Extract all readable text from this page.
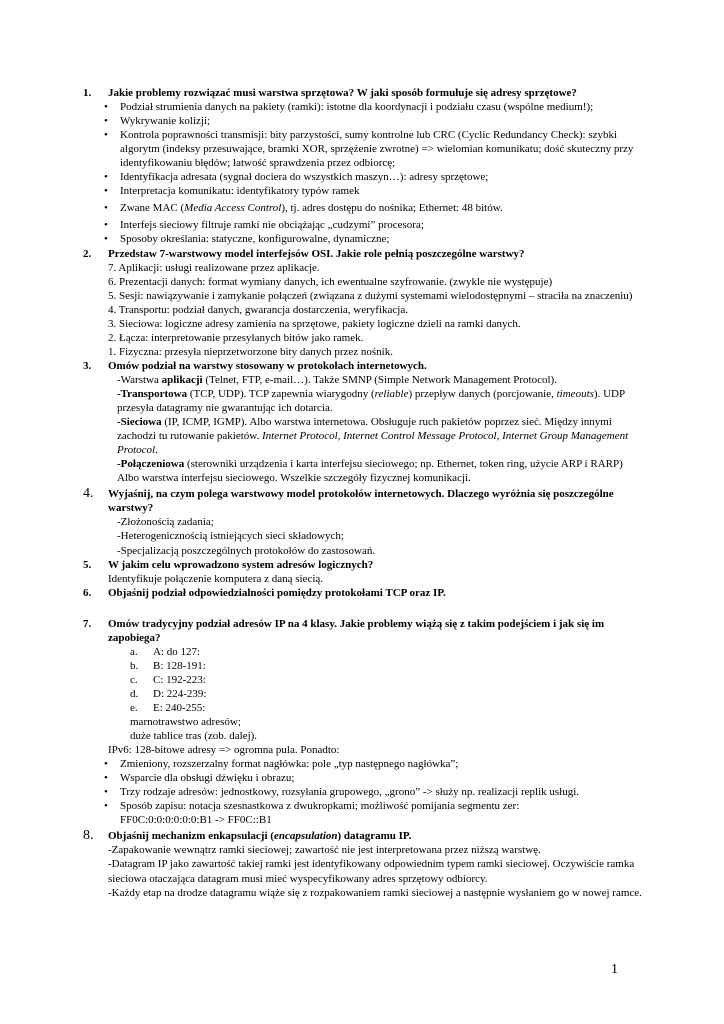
1.	Jakie problemy rozwiązać musi warstwa sprzętowa? W jaki sposób formułuje się adresy sprzętowe?
• Podział strumienia danych na pakiety (ramki): istotne dla koordynacji i podziału czasu (wspólne medium!);
• Wykrywanie kolizji;
• Kontrola poprawności transmisji: bity parzystości, sumy kontrolne lub CRC (Cyclic Redundancy Check): szybki algorytm (indeksy przesuwające, bramki XOR, sprzężenie zwrotne) => wielomian komunikatu; dość skuteczny przy identyfikowaniu błędów; łatwość sprawdzenia przez odbiorcę;
• Identyfikacja adresata (sygnał dociera do wszystkich maszyn…): adresy sprzętowe;
• Interpretacja komunikatu: identyfikatory typów ramek
• Zwane MAC (Media Access Control), tj. adres dostępu do nośnika; Ethernet: 48 bitów.
• Interfejs sieciowy filtruje ramki nie obciążając „cudzymi” procesora;
• Sposoby określania: statyczne, konfigurowalne, dynamiczne;
2.	Przedstaw 7-warstwowy model interfejsów OSI. Jakie role pełnią poszczególne warstwy?
7. Aplikacji: usługi realizowane przez aplikacje.
6. Prezentacji danych: format wymiany danych, ich ewentualne szyfrowanie. (zwykle nie występuje)
5. Sesji: nawiązywanie i zamykanie połączeń (związana z dużymi systemami wielodostępnymi – straciła na znaczeniu)
4. Transportu: podział danych, gwarancja dostarczenia, weryfikacja.
3. Sieciowa: logiczne adresy zamienia na sprzętowe, pakiety logiczne dzieli na ramki danych.
2. Łącza: interpretowanie przesyłanych bitów jako ramek.
1. Fizyczna: przesyła nieprzetworzone bity danych przez nośnik.
3.	Omów podział na warstwy stosowany w protokołach internetowych.
-Warstwa aplikacji (Telnet, FTP, e-mail…). Także SMNP (Simple Network Management Protocol).
-Transportowa (TCP, UDP). TCP zapewnia wiarygodny (reliable) przepływ danych (porcjowanie, timeouts). UDP przesyła datagramy nie gwarantując ich dotarcia.
-Sieciowa (IP, ICMP, IGMP). Albo warstwa internetowa. Obsługuje ruch pakietów poprzez sieć. Między innymi zachodzi tu rutowanie pakietów. Internet Protocol, Internet Control Message Protocol, Internet Group Management Protocol.
-Połączeniowa (sterowniki urządzenia i karta interfejsu sieciowego; np. Ethernet, token ring, użycie ARP i RARP) Albo warstwa interfejsu sieciowego. Wszelkie szczegóły fizycznej komunikacji.
4.	Wyjaśnij, na czym polega warstwowy model protokołów internetowych. Dlaczego wyróżnia się poszczególne warstwy?
-Złożonością zadania;
-Heterogenicznością istniejących sieci składowych;
-Specjalizacją poszczególnych protokołów do zastosowań.
5.	W jakim celu wprowadzono system adresów logicznych?
Identyfikuje połączenie komputera z daną siecią.
6.	Objaśnij podział odpowiedzialności pomiędzy protokołami TCP oraz IP.
7.	Omów tradycyjny podział adresów IP na 4 klasy. Jakie problemy wiążą się z takim podejściem i jak się im zapobiega?
a. A: do 127:
b. B: 128-191:
c. C: 192-223:
d. D: 224-239:
e. E: 240-255:
marnotrawstwo adresów;
duże tablice tras (zob. dalej).
IPv6: 128-bitowe adresy => ogromna pula. Ponadto:
• Zmieniony, rozszerzalny format nagłówka: pole „typ następnego nagłówka”;
• Wsparcie dla obsługi dźwięku i obrazu;
• Trzy rodzaje adresów: jednostkowy, rozsyłania grupowego, „grono” -> służy np. realizacji replik usługi.
• Sposób zapisu: notacja szesnastkowa z dwukropkami; możliwość pomijania segmentu zer:
FF0C:0:0:0:0:0:0:B1 -> FF0C::B1
8.	Objaśnij mechanizm enkapsulacji (encapsulation) datagramu IP.
-Zapakowanie wewnątrz ramki sieciowej; zawartość nie jest interpretowana przez niższą warstwę.
-Datagram IP jako zawartość takiej ramki jest identyfikowany odpowiednim typem ramki sieciowej. Oczywiście ramka sieciowa otaczająca datagram musi mieć wyspecyfikowany adres sprzętowy odbiorcy.
-Każdy etap na drodze datagramu wiąże się z rozpakowaniem ramki sieciowej a następnie wysłaniem go w nowej ramce.
1
